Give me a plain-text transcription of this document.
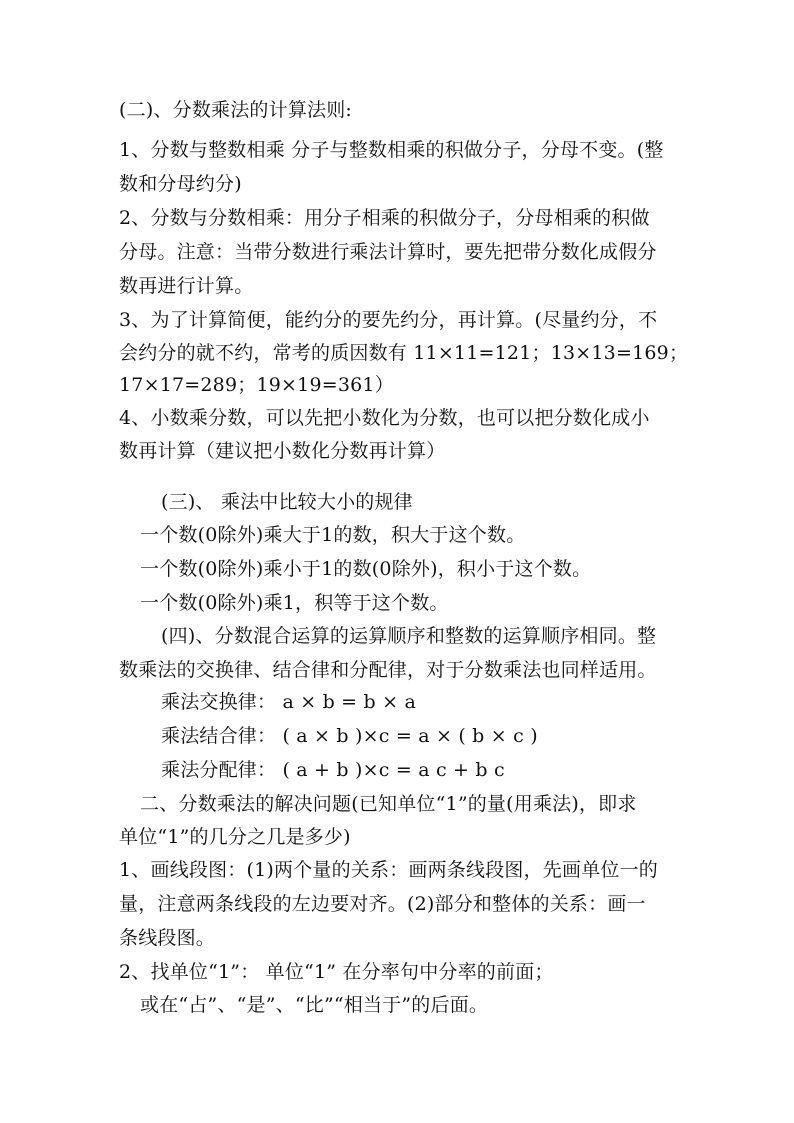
(二)、分数乘法的计算法则:
1、分数与整数相乘 分子与整数相乘的积做分子，分母不变。(整
数和分母约分)
2、分数与分数相乘：用分子相乘的积做分子，分母相乘的积做
分母。注意：当带分数进行乘法计算时，要先把带分数化成假分
数再进行计算。
3、为了计算简便，能约分的要先约分，再计算。(尽量约分，不
会约分的就不约，常考的质因数有 11×11=121；13×13=169；
17×17=289；19×19=361）
4、小数乘分数，可以先把小数化为分数，也可以把分数化成小
数再计算（建议把小数化分数再计算）
(三)、 乘法中比较大小的规律
一个数(0除外)乘大于1的数，积大于这个数。
一个数(0除外)乘小于1的数(0除外)，积小于这个数。
一个数(0除外)乘1，积等于这个数。
(四)、分数混合运算的运算顺序和整数的运算顺序相同。整
数乘法的交换律、结合律和分配律，对于分数乘法也同样适用。
乘法交换律： a × b = b × a
乘法结合律： ( a × b )×c = a × ( b × c )
乘法分配律： ( a + b )×c = a c + b c
二、分数乘法的解决问题(已知单位“1”的量(用乘法)，即求
单位“1”的几分之几是多少)
1、画线段图：(1)两个量的关系：画两条线段图，先画单位一的
量，注意两条线段的左边要对齐。(2)部分和整体的关系：画一
条线段图。
2、找单位“1”： 单位“1” 在分率句中分率的前面；
或在“占”、“是”、“比”“相当于”的后面。
